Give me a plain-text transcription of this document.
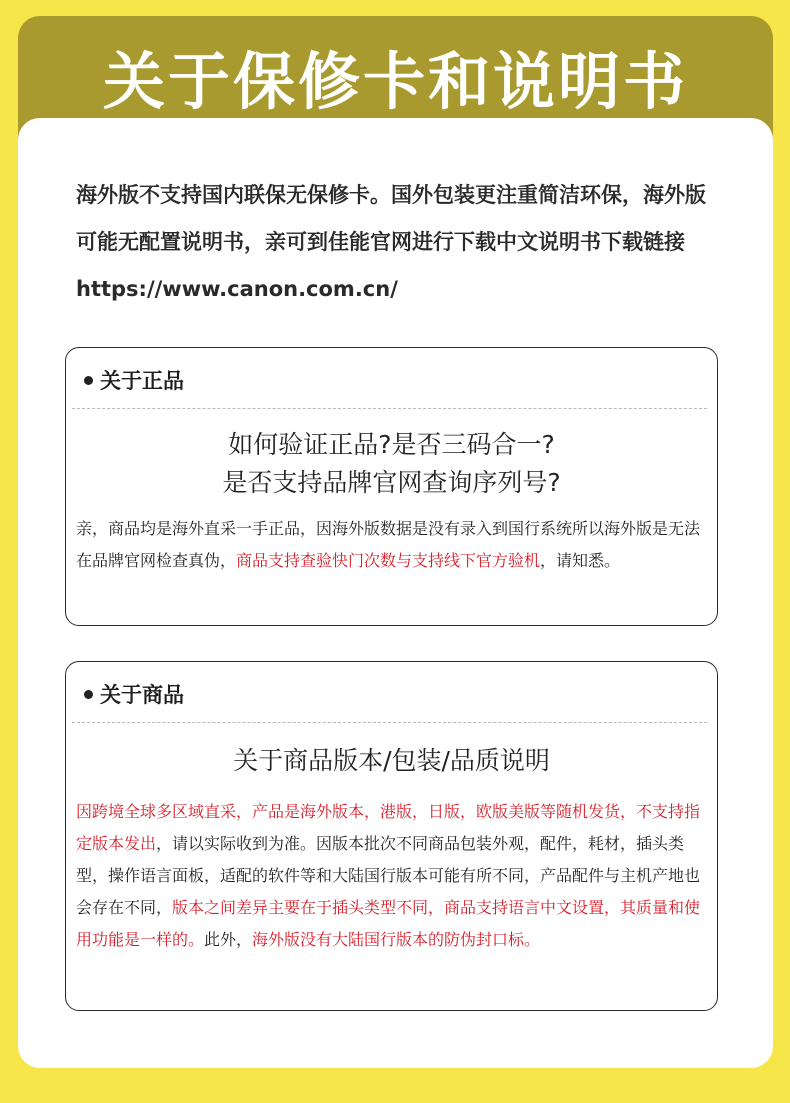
关于保修卡和说明书
海外版不支持国内联保无保修卡。国外包装更注重简洁环保，海外版可能无配置说明书，亲可到佳能官网进行下载中文说明书下载链接 https://www.canon.com.cn/
关于正品
如何验证正品?是否三码合一?
是否支持品牌官网查询序列号?
亲，商品均是海外直采一手正品，因海外版数据是没有录入到国行系统所以海外版是无法在品牌官网检查真伪，商品支持查验快门次数与支持线下官方验机，请知悉。
关于商品
关于商品版本/包装/品质说明
因跨境全球多区域直采，产品是海外版本，港版，日版，欧版美版等随机发货，不支持指定版本发出，请以实际收到为准。因版本批次不同商品包装外观，配件，耗材，插头类型，操作语言面板，适配的软件等和大陆国行版本可能有所不同，产品配件与主机产地也会存在不同，版本之间差异主要在于插头类型不同，商品支持语言中文设置，其质量和使用功能是一样的。此外，海外版没有大陆国行版本的防伪封口标。
